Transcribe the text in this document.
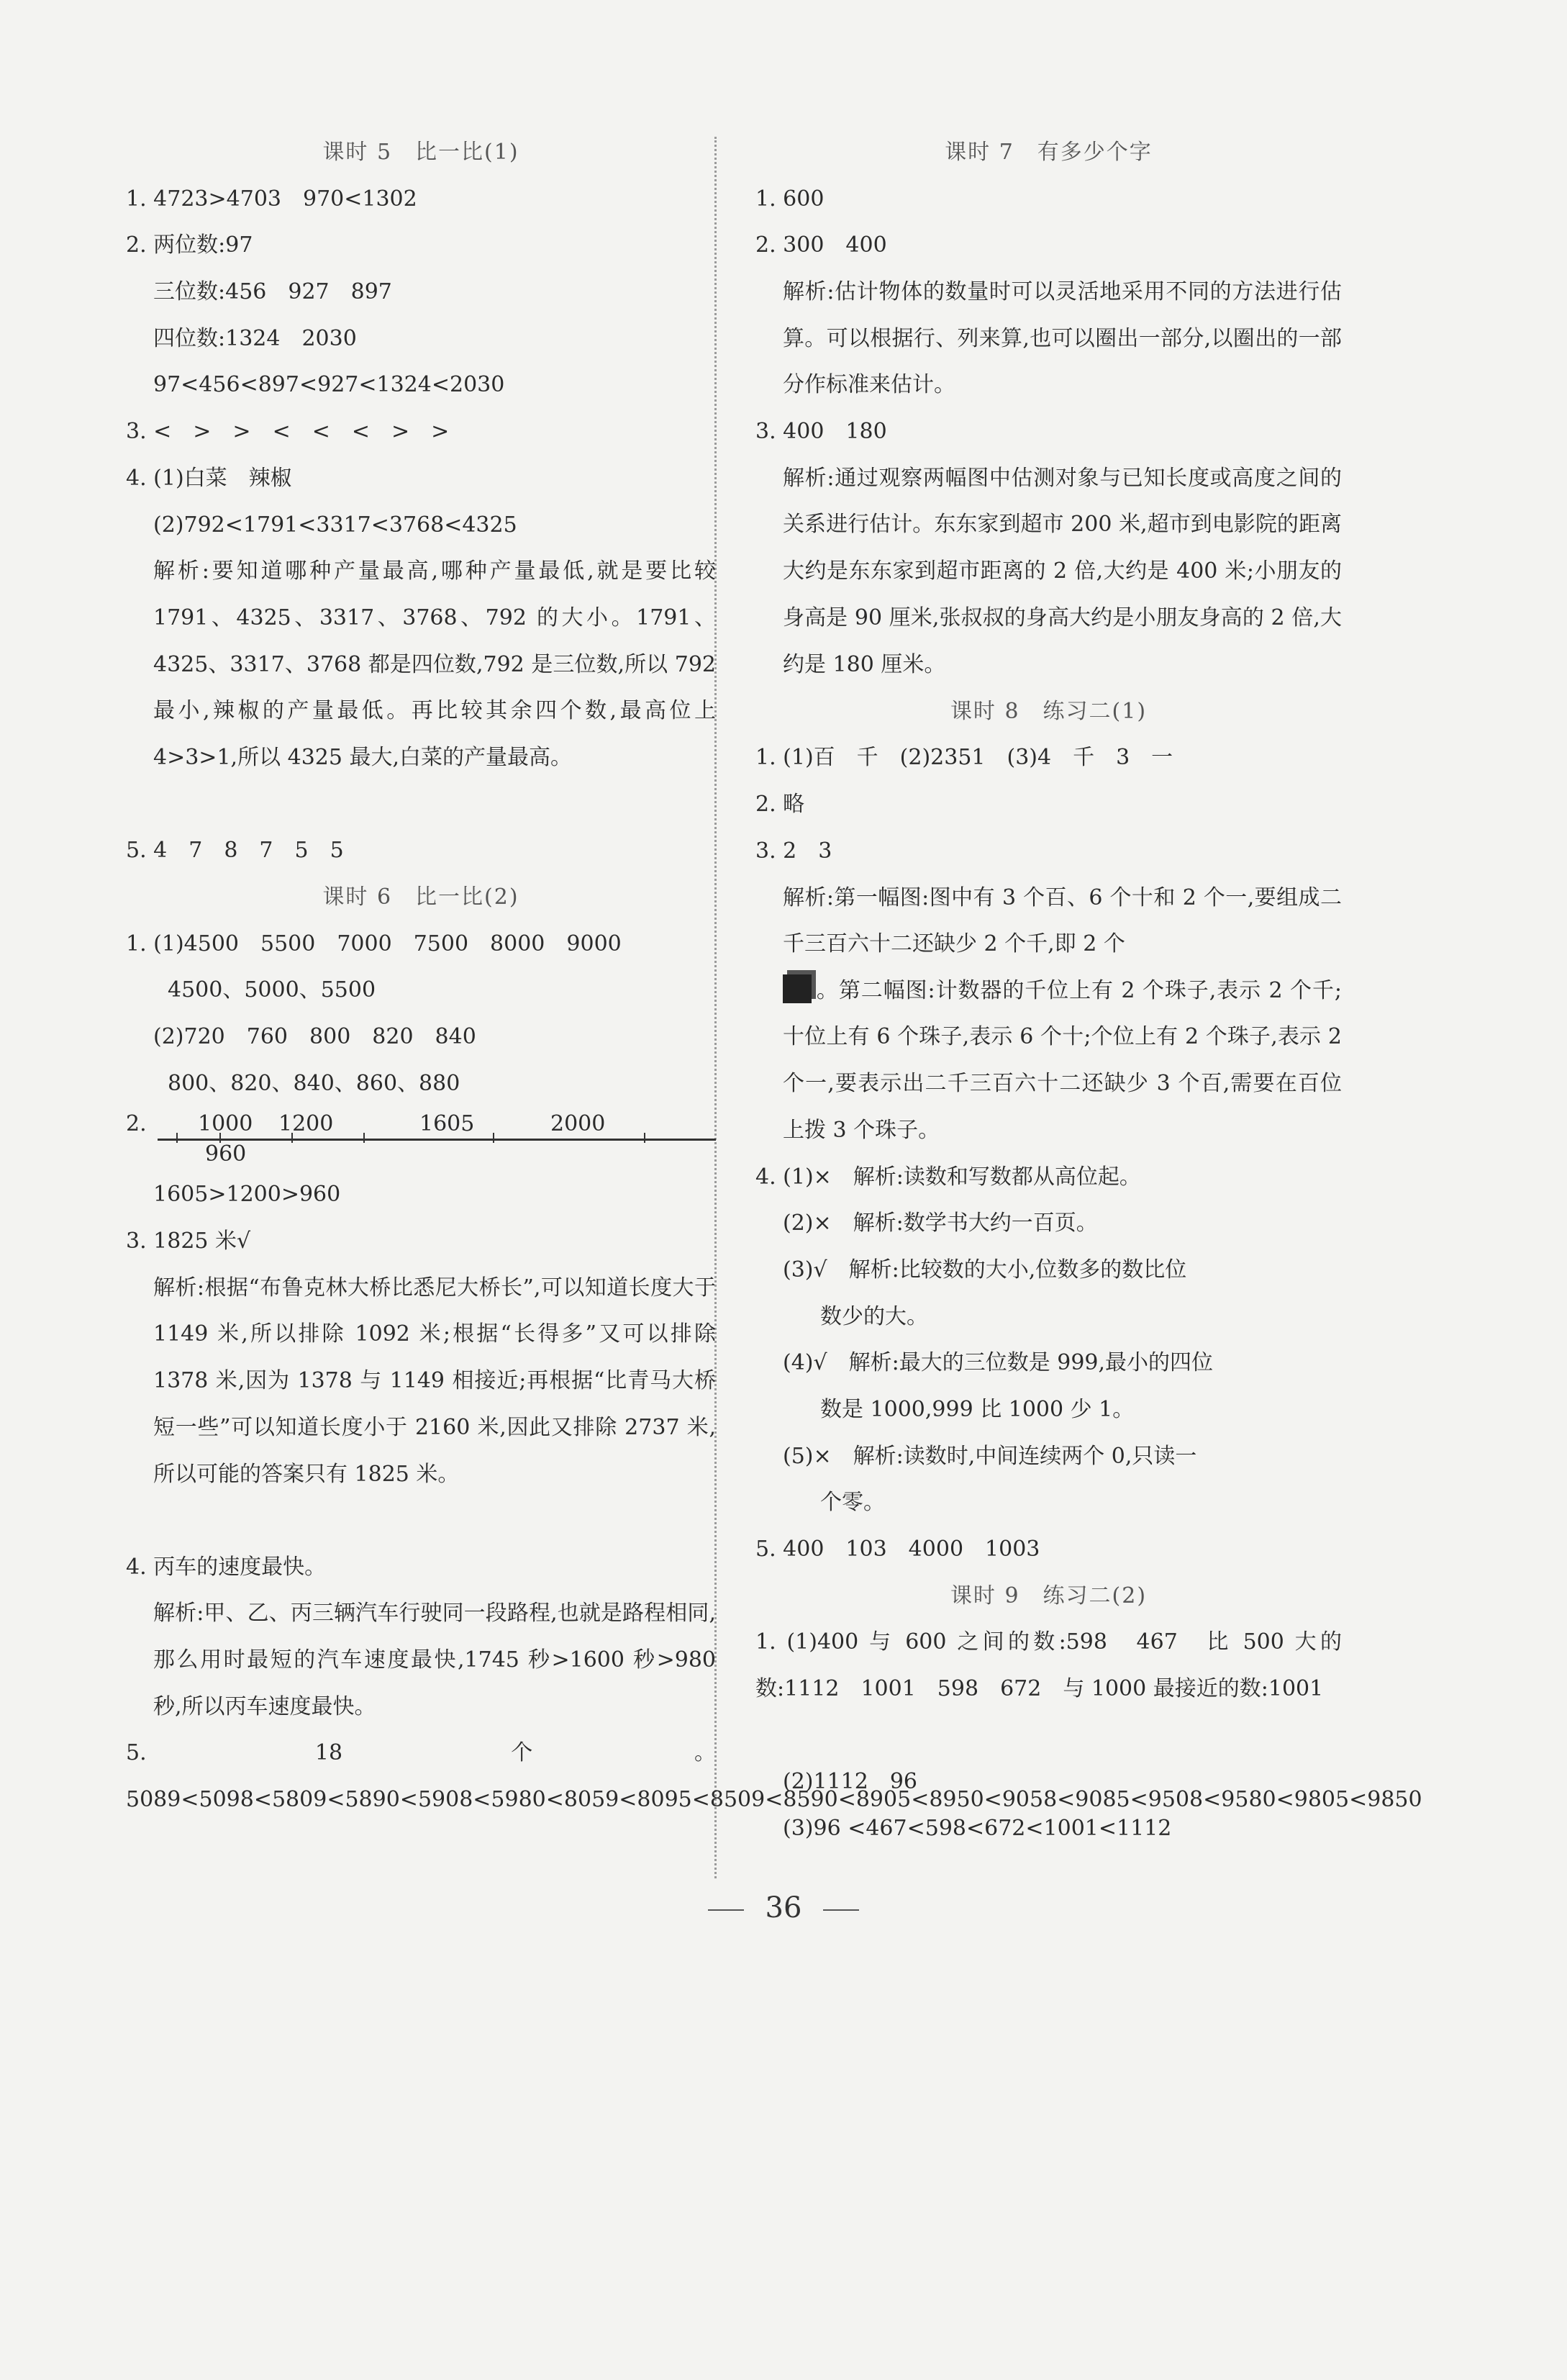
课时 5　比一比(1)
1. 4723>4703　970<1302
2. 两位数:97
三位数:456　927　897
四位数:1324　2030
97<456<897<927<1324<2030
3. <　>　>　<　<　<　>　>
4. (1)白菜　辣椒
(2)792<1791<3317<3768<4325
解析:要知道哪种产量最高,哪种产量最低,就是要比较 1791、4325、3317、3768、792 的大小。1791、4325、3317、3768 都是四位数,792 是三位数,所以 792 最小,辣椒的产量最低。再比较其余四个数,最高位上 4>3>1,所以 4325 最大,白菜的产量最高。
5. 4　7　8　7　5　5
课时 6　比一比(2)
1. (1)4500　5500　7000　7500　8000　9000
4500、5000、5500
(2)720　760　800　820　840
800、820、840、860、880
2. 1000 1200	1605	2000
960
1605>1200>960
3. 1825 米√
解析:根据“布鲁克林大桥比悉尼大桥长”,可以知道长度大于 1149 米,所以排除 1092 米;根据“长得多”又可以排除 1378 米,因为 1378 与 1149 相接近;再根据“比青马大桥短一些”可以知道长度小于 2160 米,因此又排除 2737 米,所以可能的答案只有 1825 米。
4. 丙车的速度最快。
解析:甲、乙、丙三辆汽车行驶同一段路程,也就是路程相同,那么用时最短的汽车速度最快,1745 秒>1600 秒>980 秒,所以丙车速度最快。
5. 18 个。5089<5098<5809<5890<5908<5980<8059<8095<8509<8590<8905<8950<9058<9085<9508<9580<9805<9850
课时 7　有多少个字
1. 600
2. 300　400
解析:估计物体的数量时可以灵活地采用不同的方法进行估算。可以根据行、列来算,也可以圈出一部分,以圈出的一部分作标准来估计。
3. 400　180
解析:通过观察两幅图中估测对象与已知长度或高度之间的关系进行估计。东东家到超市 200 米,超市到电影院的距离大约是东东家到超市距离的 2 倍,大约是 400 米;小朋友的身高是 90 厘米,张叔叔的身高大约是小朋友身高的 2 倍,大约是 180 厘米。
课时 8　练习二(1)
1. (1)百　千　(2)2351　(3)4　千　3　一
2. 略
3. 2　3
解析:第一幅图:图中有 3 个百、6 个十和 2 个一,要组成二千三百六十二还缺少 2 个千,即 2 个
。第二幅图:计数器的千位上有 2 个珠子,表示 2 个千;十位上有 6 个珠子,表示 6 个十;个位上有 2 个珠子,表示 2 个一,要表示出二千三百六十二还缺少 3 个百,需要在百位上拨 3 个珠子。
4. (1)×　解析:读数和写数都从高位起。
(2)×　解析:数学书大约一百页。
(3)√　解析:比较数的大小,位数多的数比位
数少的大。
(4)√　解析:最大的三位数是 999,最小的四位
数是 1000,999 比 1000 少 1。
(5)×　解析:读数时,中间连续两个 0,只读一
个零。
5. 400　103　4000　1003
课时 9　练习二(2)
1. (1)400 与 600 之间的数:598　467　比 500 大的数:1112　1001　598　672　与 1000 最接近的数:1001
(2)1112　96
(3)96 <467<598<672<1001<1112
36
